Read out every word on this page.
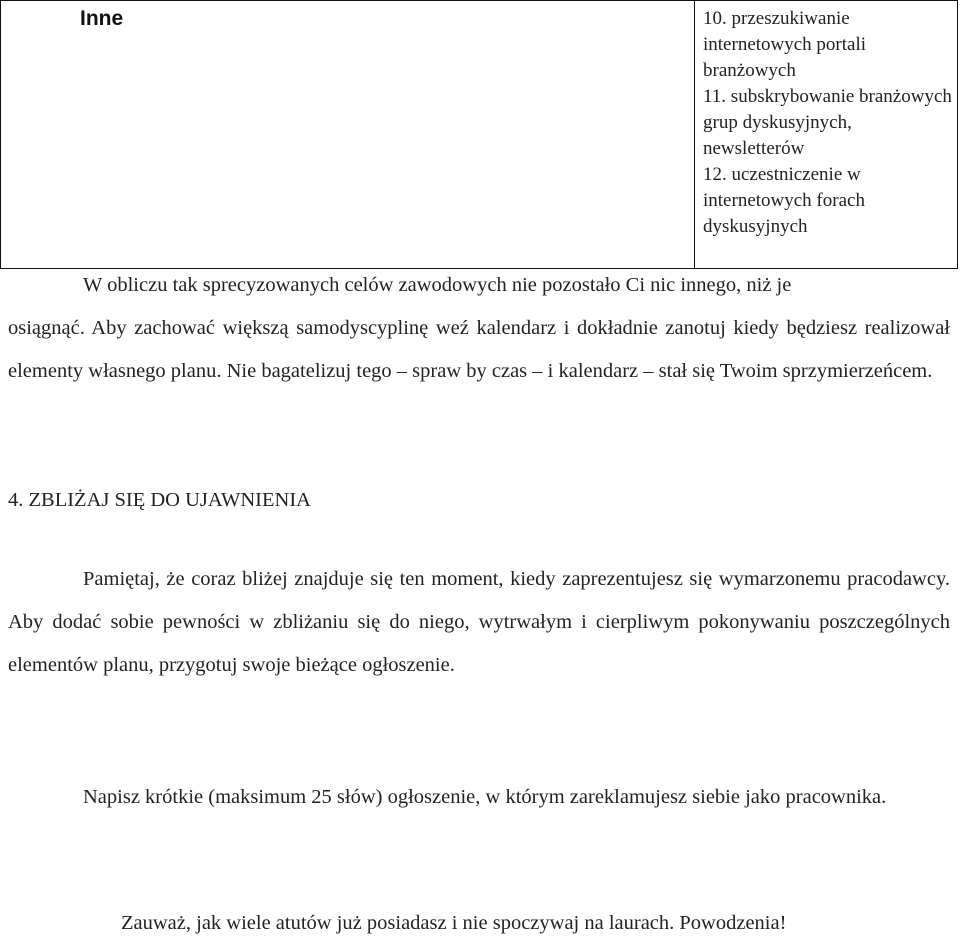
Inne	10. przeszukiwanie internetowych portali branżowych
11. subskrybowanie branżowych grup dyskusyjnych, newsletterów
12. uczestniczenie w internetowych forach dyskusyjnych

W obliczu tak sprecyzowanych celów zawodowych nie pozostało Ci nic innego, niż je
osiągnąć. Aby zachować większą samodyscyplinę weź kalendarz i dokładnie zanotuj kiedy będziesz realizował elementy własnego planu. Nie bagatelizuj tego – spraw by czas – i kalendarz – stał się Twoim sprzymierzeńcem.

4. ZBLIŻAJ SIĘ DO UJAWNIENIA

Pamiętaj, że coraz bliżej znajduje się ten moment, kiedy zaprezentujesz się wymarzonemu pracodawcy. Aby dodać sobie pewności w zbliżaniu się do niego, wytrwałym i cierpliwym pokonywaniu poszczególnych elementów planu, przygotuj swoje bieżące ogłoszenie.

Napisz krótkie (maksimum 25 słów) ogłoszenie, w którym zareklamujesz siebie jako pracownika.

Zauważ, jak wiele atutów już posiadasz i nie spoczywaj na laurach. Powodzenia!
